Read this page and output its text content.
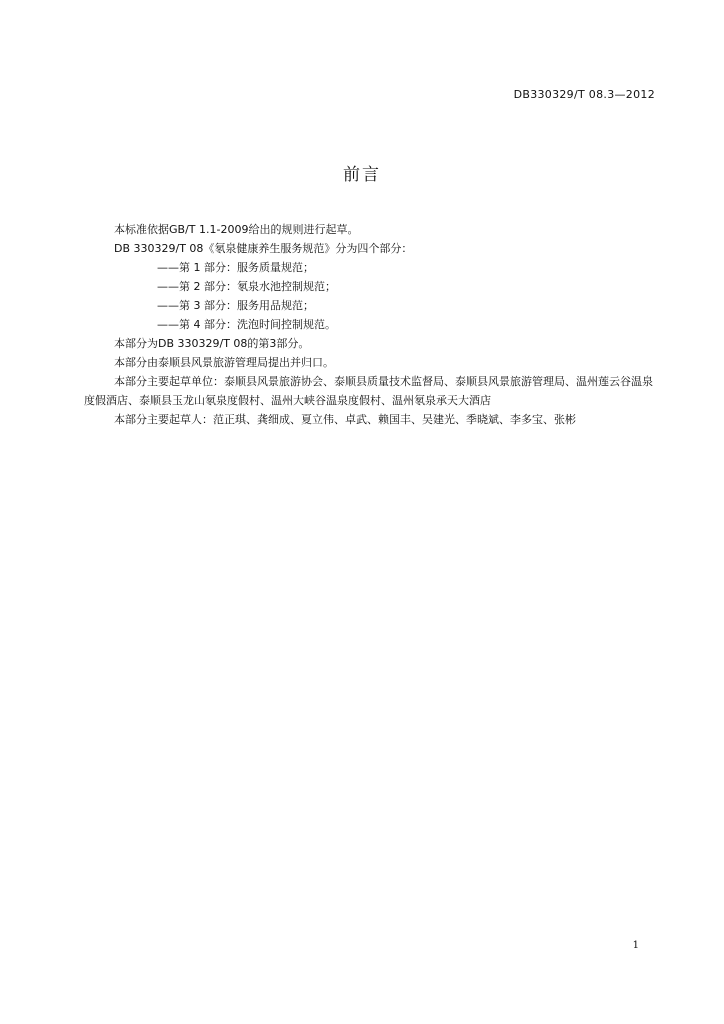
DB330329/T 08.3—2012
前言

本标准依据GB/T 1.1-2009给出的规则进行起草。

DB 330329/T 08《氡泉健康养生服务规范》分为四个部分：

——第 1 部分：服务质量规范；

——第 2 部分：氡泉水池控制规范；

——第 3 部分：服务用品规范；

——第 4 部分：洗泡时间控制规范。

本部分为DB 330329/T 08的第3部分。

本部分由泰顺县风景旅游管理局提出并归口。

本部分主要起草单位：泰顺县风景旅游协会、泰顺县质量技术监督局、泰顺县风景旅游管理局、温州莲云谷温泉度假酒店、泰顺县玉龙山氡泉度假村、温州大峡谷温泉度假村、温州氡泉承天大酒店

本部分主要起草人：范正琪、龚细成、夏立伟、卓武、赖国丰、吴建光、季晓斌、李多宝、张彬

1
